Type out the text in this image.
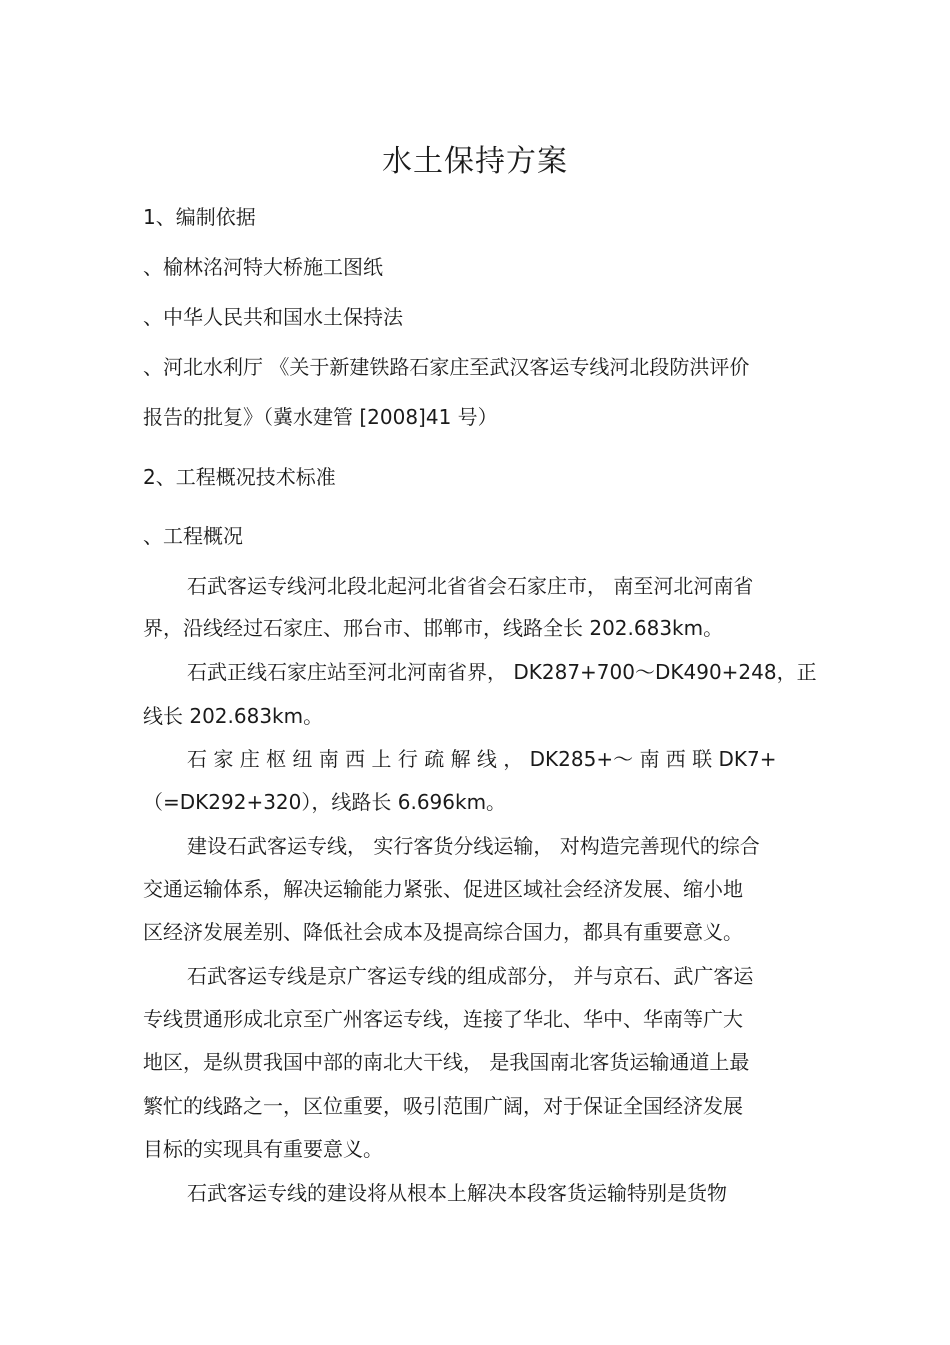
水土保持方案
1、编制依据
、榆林洺河特大桥施工图纸
、中华人民共和国水土保持法
、河北水利厅 《关于新建铁路石家庄至武汉客运专线河北段防洪评价
报告的批复》（冀水建管 [2008]41 号）
2、工程概况技术标准
、工程概况
石武客运专线河北段北起河北省省会石家庄市， 南至河北河南省
界，沿线经过石家庄、邢台市、邯郸市，线路全长 202.683km。
石武正线石家庄站至河北河南省界， DK287+700～DK490+248，正
线长 202.683km。
石 家 庄 枢 纽 南 西 上 行 疏 解 线 ， DK285+～ 南 西 联 DK7+
（=DK292+320），线路长 6.696km。
建设石武客运专线， 实行客货分线运输， 对构造完善现代的综合
交通运输体系，解决运输能力紧张、促进区域社会经济发展、缩小地
区经济发展差别、降低社会成本及提高综合国力，都具有重要意义。
石武客运专线是京广客运专线的组成部分， 并与京石、武广客运
专线贯通形成北京至广州客运专线，连接了华北、华中、华南等广大
地区，是纵贯我国中部的南北大干线， 是我国南北客货运输通道上最
繁忙的线路之一，区位重要，吸引范围广阔，对于保证全国经济发展
目标的实现具有重要意义。
石武客运专线的建设将从根本上解决本段客货运输特别是货物
